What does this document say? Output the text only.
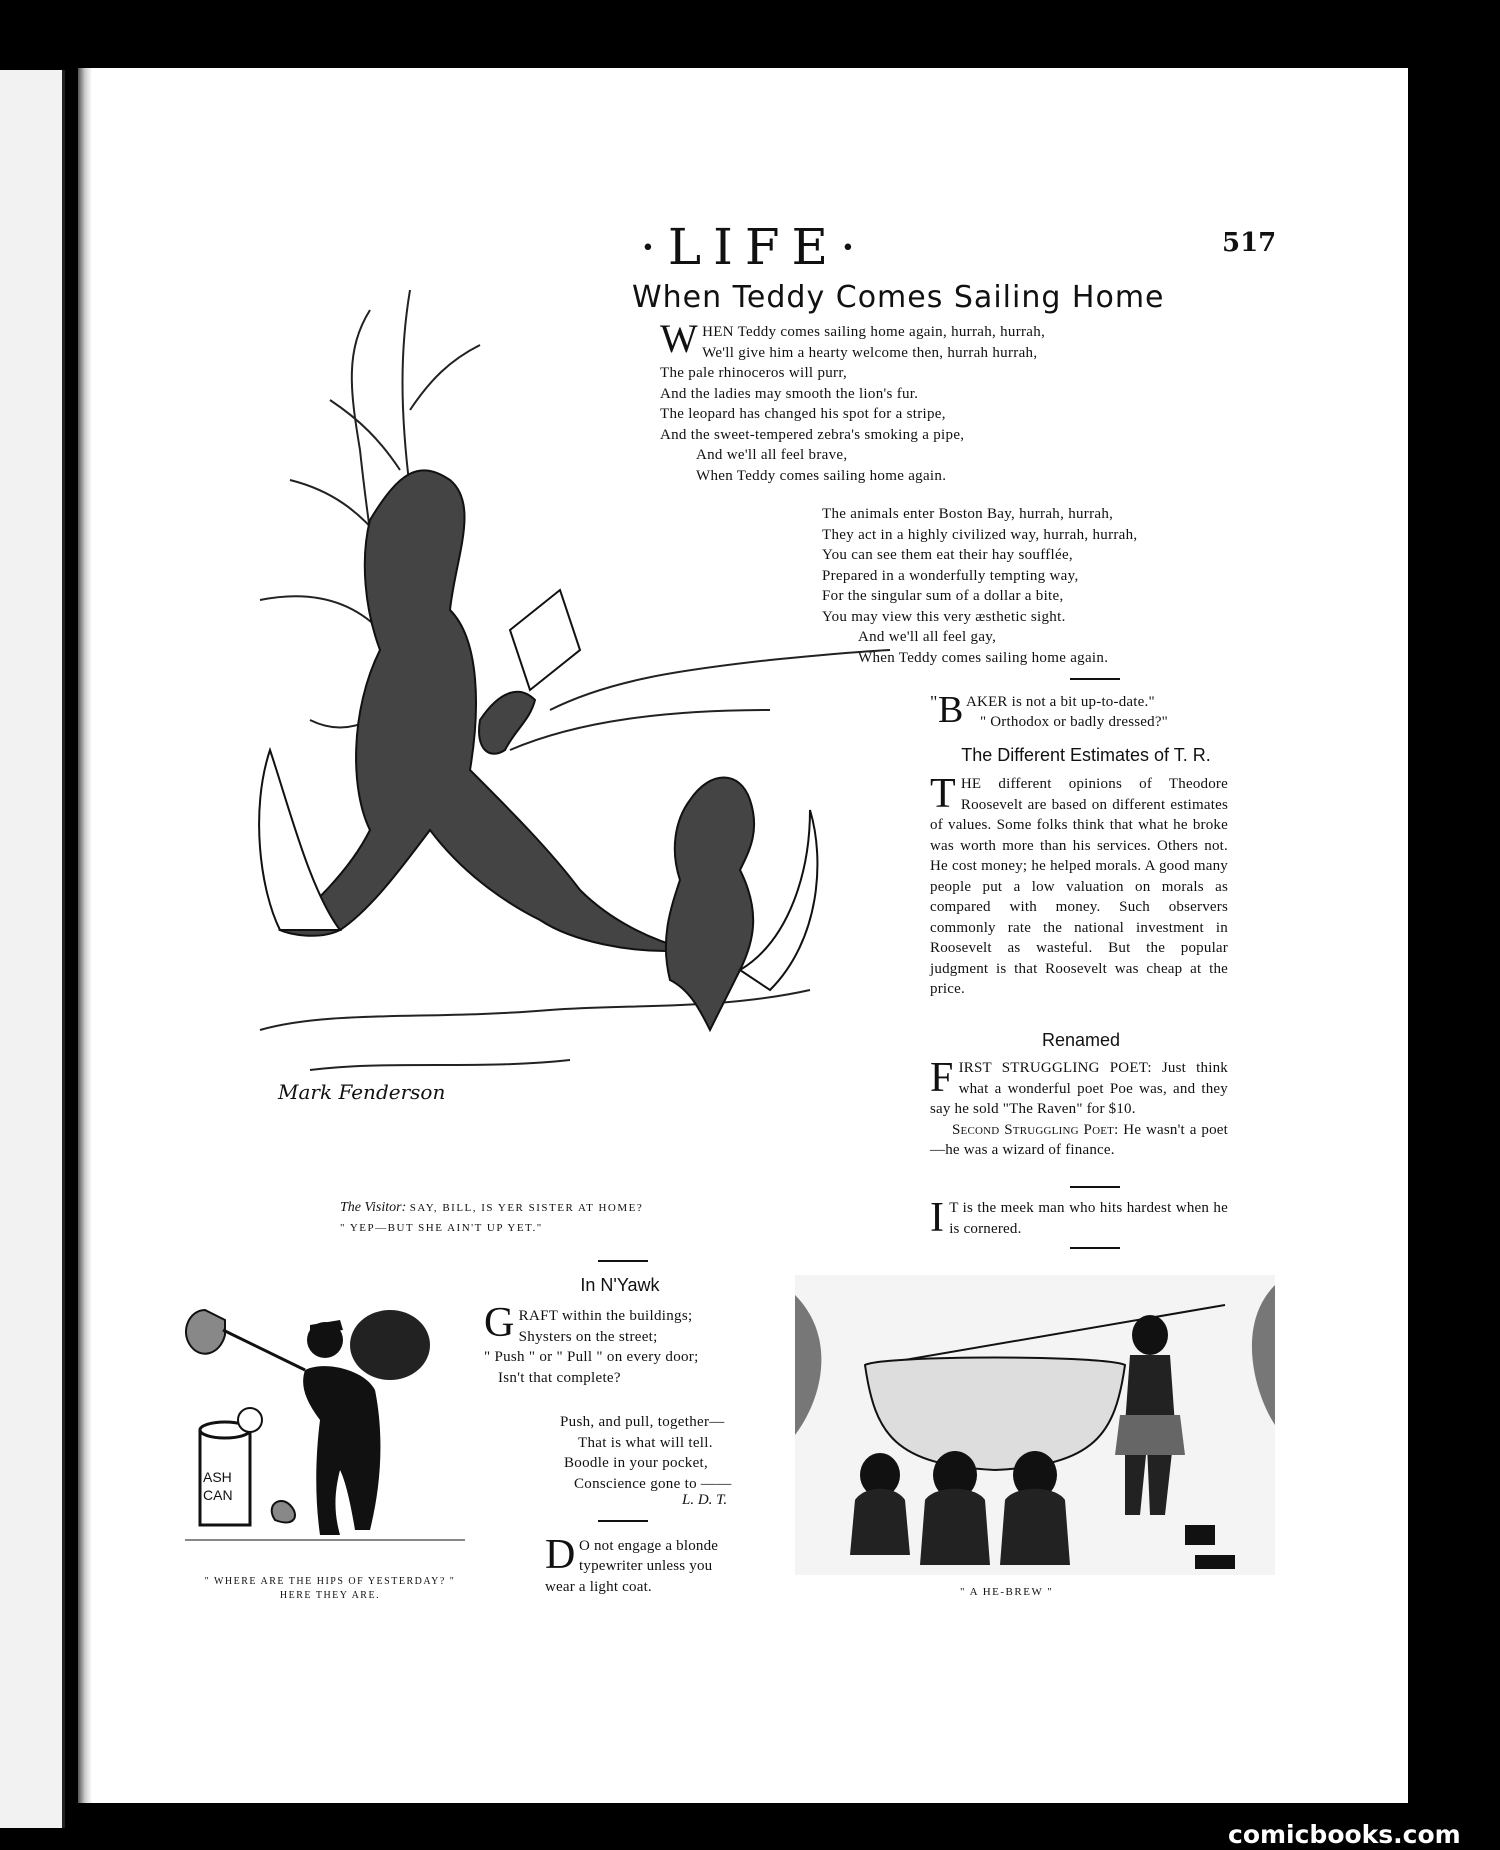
·LIFE·	517
When Teddy Comes Sailing Home
W HEN Teddy comes sailing home again, hurrah, hurrah,
We'll give him a hearty welcome then, hurrah hurrah,
The pale rhinoceros will purr,
And the ladies may smooth the lion's fur.
The leopard has changed his spot for a stripe,
And the sweet-tempered zebra's smoking a pipe,
And we'll all feel brave,
When Teddy comes sailing home again.
The animals enter Boston Bay, hurrah, hurrah,
They act in a highly civilized way, hurrah, hurrah,
You can see them eat their hay soufflée,
Prepared in a wonderfully tempting way,
For the singular sum of a dollar a bite,
You may view this very æsthetic sight.
And we'll all feel gay,
When Teddy comes sailing home again.
" B AKER is not a bit up-to-date."
" Orthodox or badly dressed?"
The Different Estimates of T. R.
THE different opinions of Theodore Roosevelt are based on different estimates of values. Some folks think that what he broke was worth more than his services. Others not. He cost money; he helped morals. A good many people put a low valuation on morals as compared with money. Such observers commonly rate the national investment in Roosevelt as wasteful. But the popular judgment is that Roosevelt was cheap at the price.
Renamed
FIRST STRUGGLING POET: Just think what a wonderful poet Poe was, and they say he sold "The Raven" for $10.
Second Struggling Poet: He wasn't a poet—he was a wizard of finance.
I T is the meek man who hits hardest when he is cornered.
Mark Fenderson
The Visitor: SAY, BILL, IS YER SISTER AT HOME?
" YEP—BUT SHE AIN'T UP YET."
In N'Yawk
G RAFT within the buildings;
Shysters on the street;
" Push " or " Pull " on every door;
Isn't that complete?
Push, and pull, together—
That is what will tell.
Boodle in your pocket,
Conscience gone to ——
L. D. T.
D O not engage a blonde
typewriter unless you
wear a light coat.
ASH
CAN
" WHERE ARE THE HIPS OF YESTERDAY? "
HERE THEY ARE.	" A HE-BREW "
comicbooks.com
